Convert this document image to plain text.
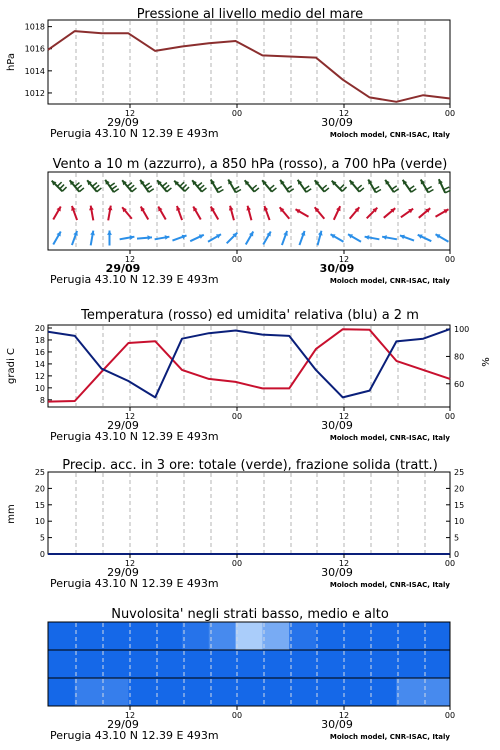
Pressione al livello medio del mare
1012
1014
1016
1018
hPa
12	00	12	00
29/09	30/09
Perugia 43.10 N 12.39 E 493m	Moloch model, CNR-ISAC, Italy
Vento a 10 m (azzurro), a 850 hPa (rosso), a 700 hPa (verde)
12	00	12	00
29/09	30/09
Perugia 43.10 N 12.39 E 493m	Moloch model, CNR-ISAC, Italy
Temperatura (rosso) ed umidita' relativa (blu) a 2 m
8
10
12
14
16
18
20
60
80
100
gradi C	%
12	00	12	00
29/09	30/09
Perugia 43.10 N 12.39 E 493m	Moloch model, CNR-ISAC, Italy
Precip. acc. in 3 ore: totale (verde), frazione solida (tratt.)
0	0
5	5
10	10
15	15
20	20
25	25
mm
12	00	12	00
29/09	30/09
Perugia 43.10 N 12.39 E 493m	Moloch model, CNR-ISAC, Italy
Nuvolosita' negli strati basso, medio e alto
12	00	12	00
29/09	30/09
Perugia 43.10 N 12.39 E 493m	Moloch model, CNR-ISAC, Italy
